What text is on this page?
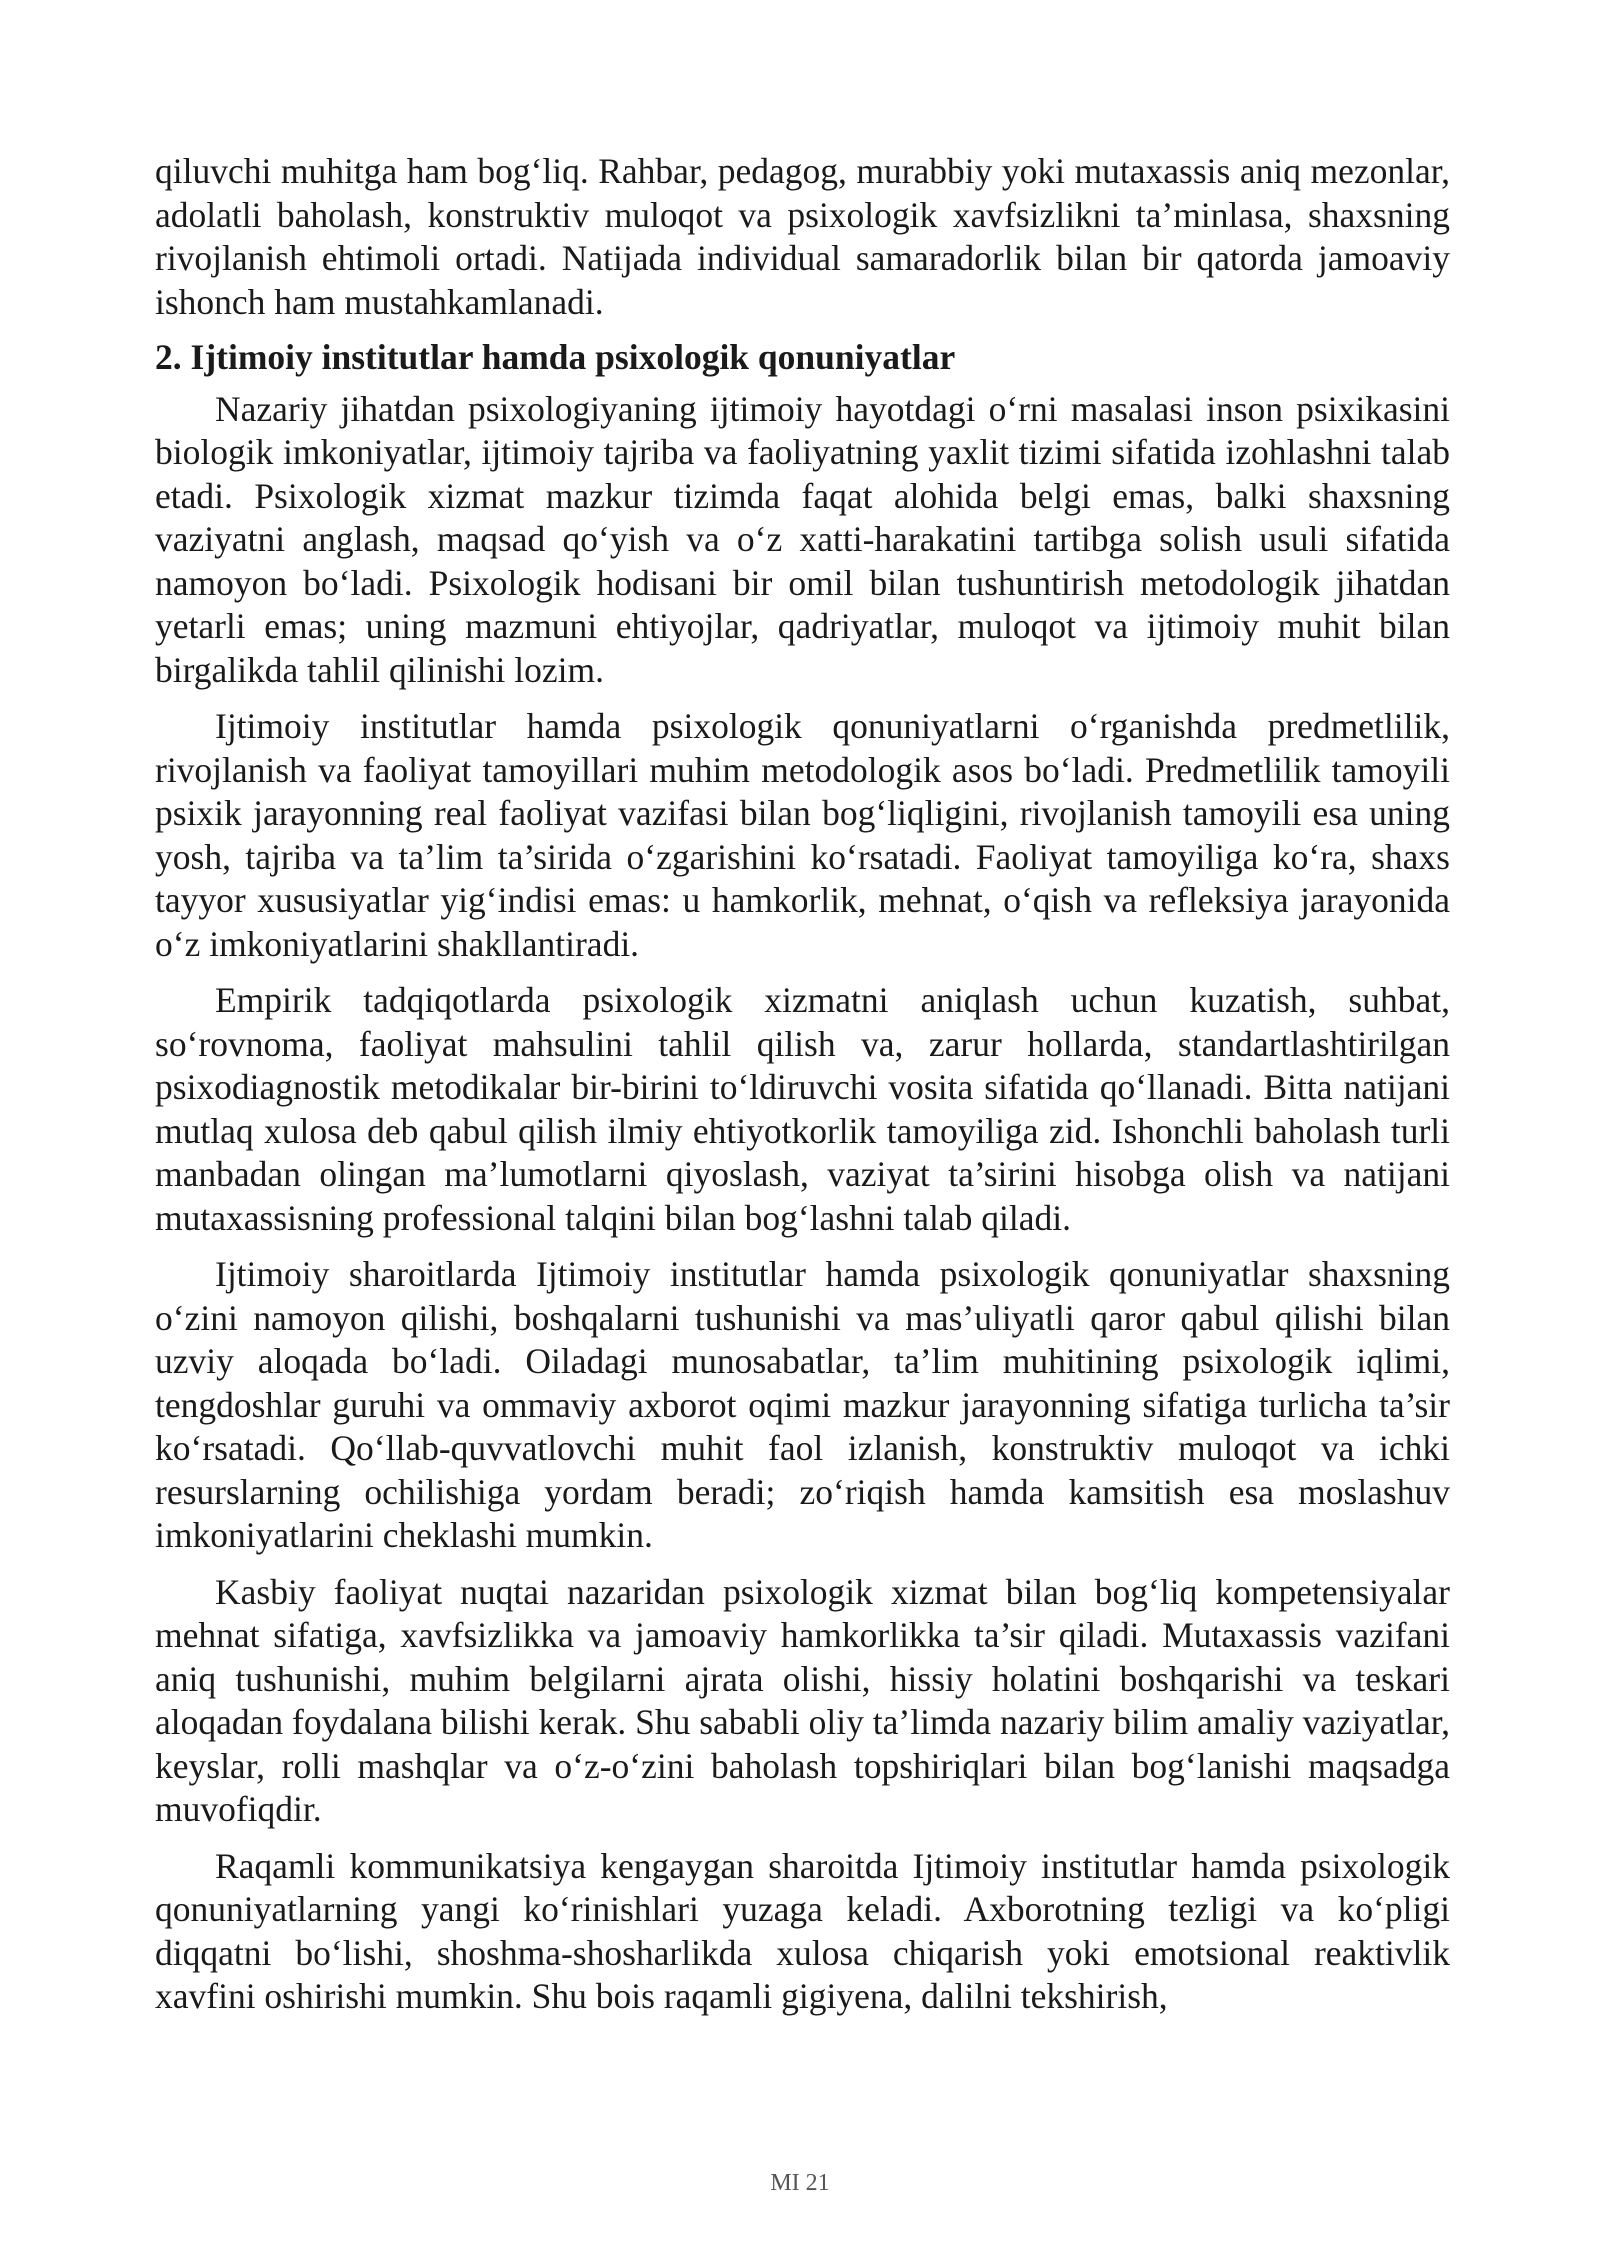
qiluvchi muhitga ham bog‘liq. Rahbar, pedagog, murabbiy yoki mutaxassis aniq mezonlar, adolatli baholash, konstruktiv muloqot va psixologik xavfsizlikni ta’minlasa, shaxsning rivojlanish ehtimoli ortadi. Natijada individual samaradorlik bilan bir qatorda jamoaviy ishonch ham mustahkamlanadi.

2. Ijtimoiy institutlar hamda psixologik qonuniyatlar

Nazariy jihatdan psixologiyaning ijtimoiy hayotdagi o‘rni masalasi inson psixikasini biologik imkoniyatlar, ijtimoiy tajriba va faoliyatning yaxlit tizimi sifatida izohlashni talab etadi. Psixologik xizmat mazkur tizimda faqat alohida belgi emas, balki shaxsning vaziyatni anglash, maqsad qo‘yish va o‘z xatti-harakatini tartibga solish usuli sifatida namoyon bo‘ladi. Psixologik hodisani bir omil bilan tushuntirish metodologik jihatdan yetarli emas; uning mazmuni ehtiyojlar, qadriyatlar, muloqot va ijtimoiy muhit bilan birgalikda tahlil qilinishi lozim.

Ijtimoiy institutlar hamda psixologik qonuniyatlarni o‘rganishda predmetlilik, rivojlanish va faoliyat tamoyillari muhim metodologik asos bo‘ladi. Predmetlilik tamoyili psixik jarayonning real faoliyat vazifasi bilan bog‘liqligini, rivojlanish tamoyili esa uning yosh, tajriba va ta’lim ta’sirida o‘zgarishini ko‘rsatadi. Faoliyat tamoyiliga ko‘ra, shaxs tayyor xususiyatlar yig‘indisi emas: u hamkorlik, mehnat, o‘qish va refleksiya jarayonida o‘z imkoniyatlarini shakllantiradi.

Empirik tadqiqotlarda psixologik xizmatni aniqlash uchun kuzatish, suhbat, so‘rovnoma, faoliyat mahsulini tahlil qilish va, zarur hollarda, standartlashtirilgan psixodiagnostik metodikalar bir-birini to‘ldiruvchi vosita sifatida qo‘llanadi. Bitta natijani mutlaq xulosa deb qabul qilish ilmiy ehtiyotkorlik tamoyiliga zid. Ishonchli baholash turli manbadan olingan ma’lumotlarni qiyoslash, vaziyat ta’sirini hisobga olish va natijani mutaxassisning professional talqini bilan bog‘lashni talab qiladi.

Ijtimoiy sharoitlarda Ijtimoiy institutlar hamda psixologik qonuniyatlar shaxsning o‘zini namoyon qilishi, boshqalarni tushunishi va mas’uliyatli qaror qabul qilishi bilan uzviy aloqada bo‘ladi. Oiladagi munosabatlar, ta’lim muhitining psixologik iqlimi, tengdoshlar guruhi va ommaviy axborot oqimi mazkur jarayonning sifatiga turlicha ta’sir ko‘rsatadi. Qo‘llab-quvvatlovchi muhit faol izlanish, konstruktiv muloqot va ichki resurslarning ochilishiga yordam beradi; zo‘riqish hamda kamsitish esa moslashuv imkoniyatlarini cheklashi mumkin.

Kasbiy faoliyat nuqtai nazaridan psixologik xizmat bilan bog‘liq kompetensiyalar mehnat sifatiga, xavfsizlikka va jamoaviy hamkorlikka ta’sir qiladi. Mutaxassis vazifani aniq tushunishi, muhim belgilarni ajrata olishi, hissiy holatini boshqarishi va teskari aloqadan foydalana bilishi kerak. Shu sababli oliy ta’limda nazariy bilim amaliy vaziyatlar, keyslar, rolli mashqlar va o‘z-o‘zini baholash topshiriqlari bilan bog‘lanishi maqsadga muvofiqdir.

Raqamli kommunikatsiya kengaygan sharoitda Ijtimoiy institutlar hamda psixologik qonuniyatlarning yangi ko‘rinishlari yuzaga keladi. Axborotning tezligi va ko‘pligi diqqatni bo‘lishi, shoshma-shosharlikda xulosa chiqarish yoki emotsional reaktivlik xavfini oshirishi mumkin. Shu bois raqamli gigiyena, dalilni tekshirish,

MI 21
